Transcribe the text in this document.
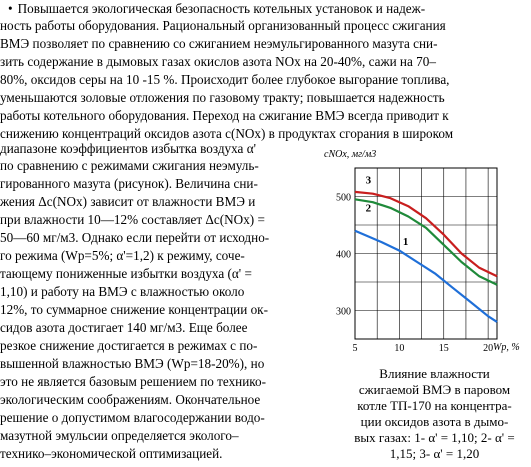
• Повышается экологическая безопасность котельных установок и надеж-
ность работы оборудования. Рациональный организованный процесс сжигания
ВМЭ позволяет по сравнению со сжиганием неэмульгированного мазута сни-
зить содержание в дымовых газах окислов азота NOx на 20-40%, сажи на 70–
80%, оксидов серы на 10 -15 %. Происходит более глубокое выгорание топлива,
уменьшаются золовые отложения по газовому тракту; повышается надежность
работы котельного оборудования. Переход на сжигание ВМЭ всегда приводит к
снижению концентраций оксидов азота с(NOx) в продуктах сгорания в широком
диапазоне коэффициентов избытка воздуха α'
по сравнению с режимами сжигания неэмуль-
гированного мазута (рисунок). Величина сни-
жения Δc(NOx) зависит от влажности ВМЭ и
при влажности 10—12% составляет Δc(NOx) =
50—60 мг/м3. Однако если перейти от исходно-
го режима (Wp=5%; α'=1,2) к режиму, соче-
тающему пониженные избытки воздуха (α' =
1,10) и работу на ВМЭ с влажностью около
12%, то суммарное снижение концентрации ок-
сидов азота достигает 140 мг/м3. Еще более
резкое снижение достигается в режимах с по-
вышенной влажностью ВМЭ (Wp=18-20%), но
это не является базовым решением по технико-
экологическим соображениям. Окончательное
решение о допустимом влагосодержании водо-
мазутной эмульсии определяется эколого–
технико–экономической оптимизацией.
300
400
500
5	10	15	20
cNOx, мг/м3
Wp, %
1
2
3
Влияние влажности
сжигаемой ВМЭ в паровом
котле ТП-170 на концентра-
ции оксидов азота в дымо-
вых газах: 1- α' = 1,10; 2- α' =
1,15; 3- α' = 1,20
